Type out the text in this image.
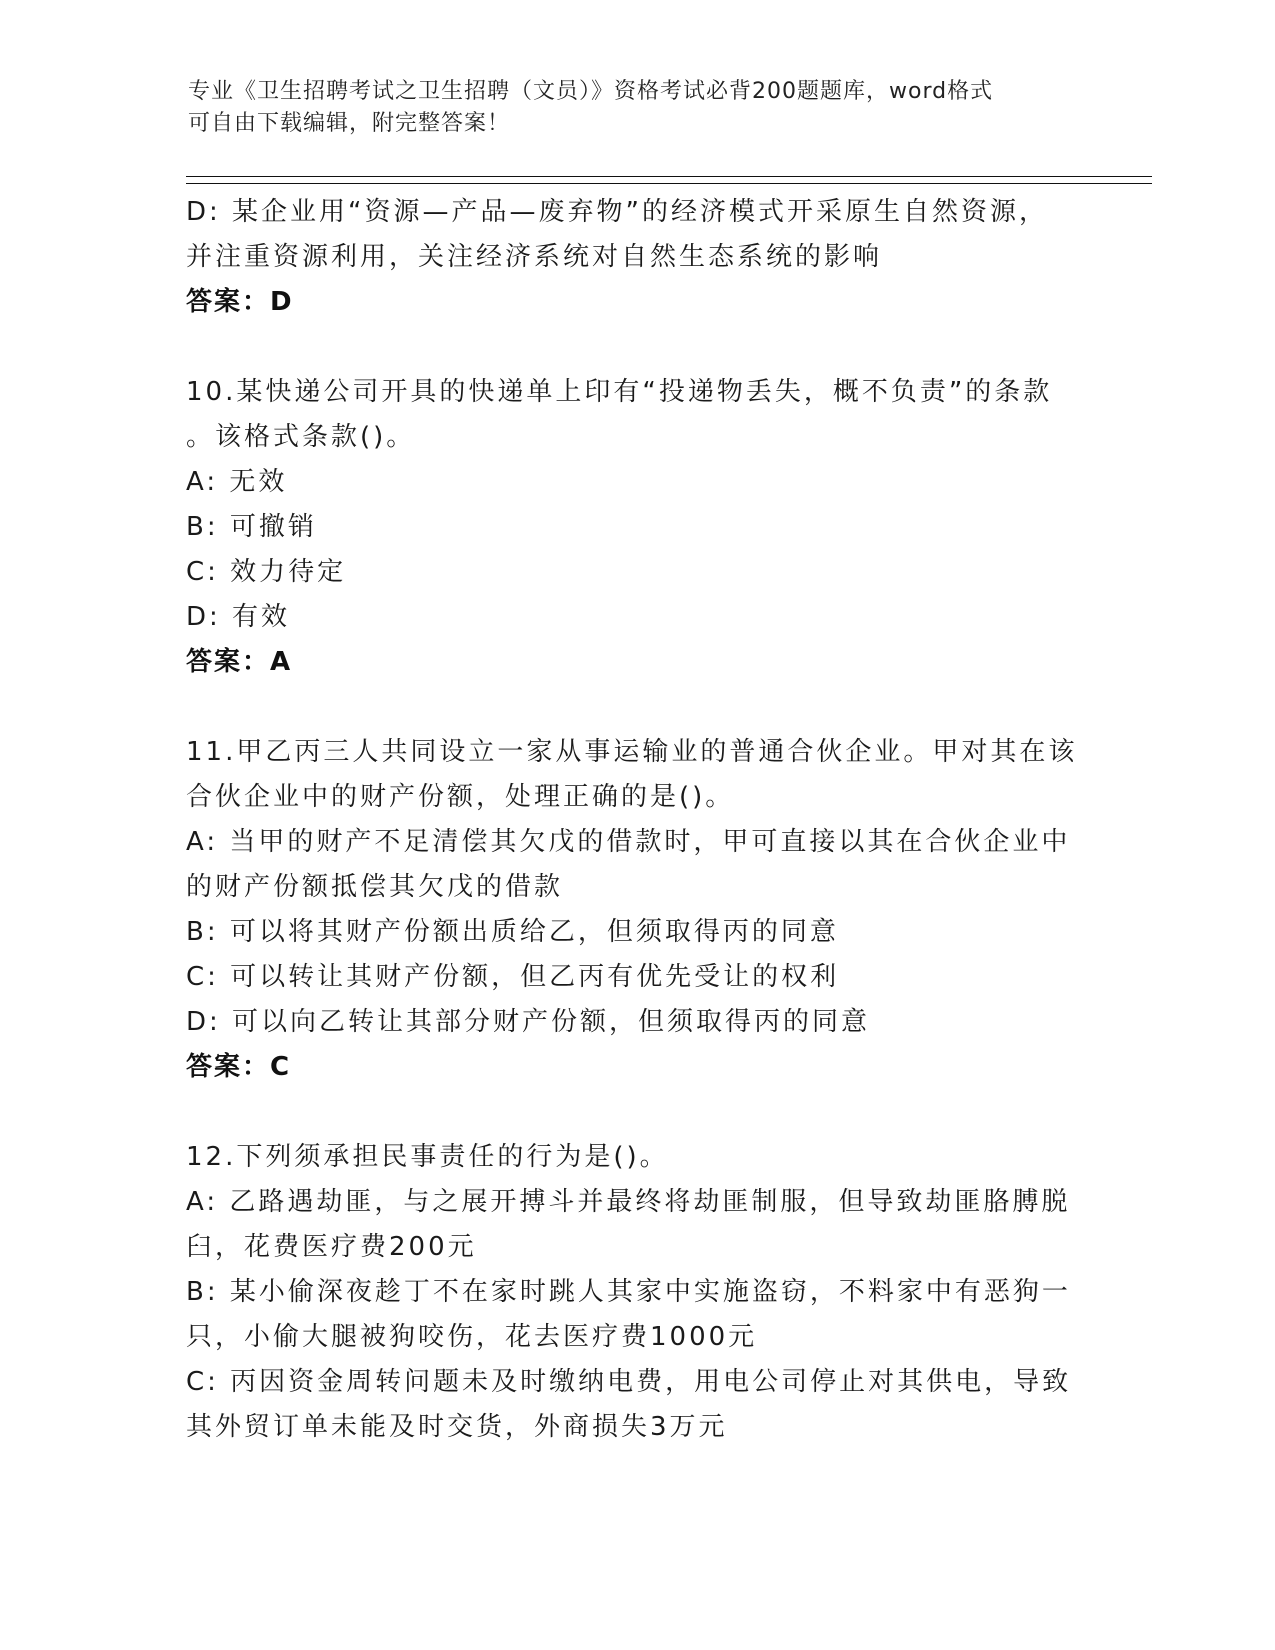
专业《卫生招聘考试之卫生招聘（文员）》资格考试必背200题题库，word格式
可自由下载编辑，附完整答案！
D: 某企业用“资源—产品—废弃物”的经济模式开采原生自然资源，
并注重资源利用，关注经济系统对自然生态系统的影响
答案：D
10.某快递公司开具的快递单上印有“投递物丢失，概不负责”的条款
。该格式条款()。
A: 无效
B: 可撤销
C: 效力待定
D: 有效
答案：A
11.甲乙丙三人共同设立一家从事运输业的普通合伙企业。甲对其在该
合伙企业中的财产份额，处理正确的是()。
A: 当甲的财产不足清偿其欠戊的借款时，甲可直接以其在合伙企业中
的财产份额抵偿其欠戊的借款
B: 可以将其财产份额出质给乙，但须取得丙的同意
C: 可以转让其财产份额，但乙丙有优先受让的权利
D: 可以向乙转让其部分财产份额，但须取得丙的同意
答案：C
12.下列须承担民事责任的行为是()。
A: 乙路遇劫匪，与之展开搏斗并最终将劫匪制服，但导致劫匪胳膊脱
臼，花费医疗费200元
B: 某小偷深夜趁丁不在家时跳人其家中实施盗窃，不料家中有恶狗一
只，小偷大腿被狗咬伤，花去医疗费1000元
C: 丙因资金周转问题未及时缴纳电费，用电公司停止对其供电，导致
其外贸订单未能及时交货，外商损失3万元
